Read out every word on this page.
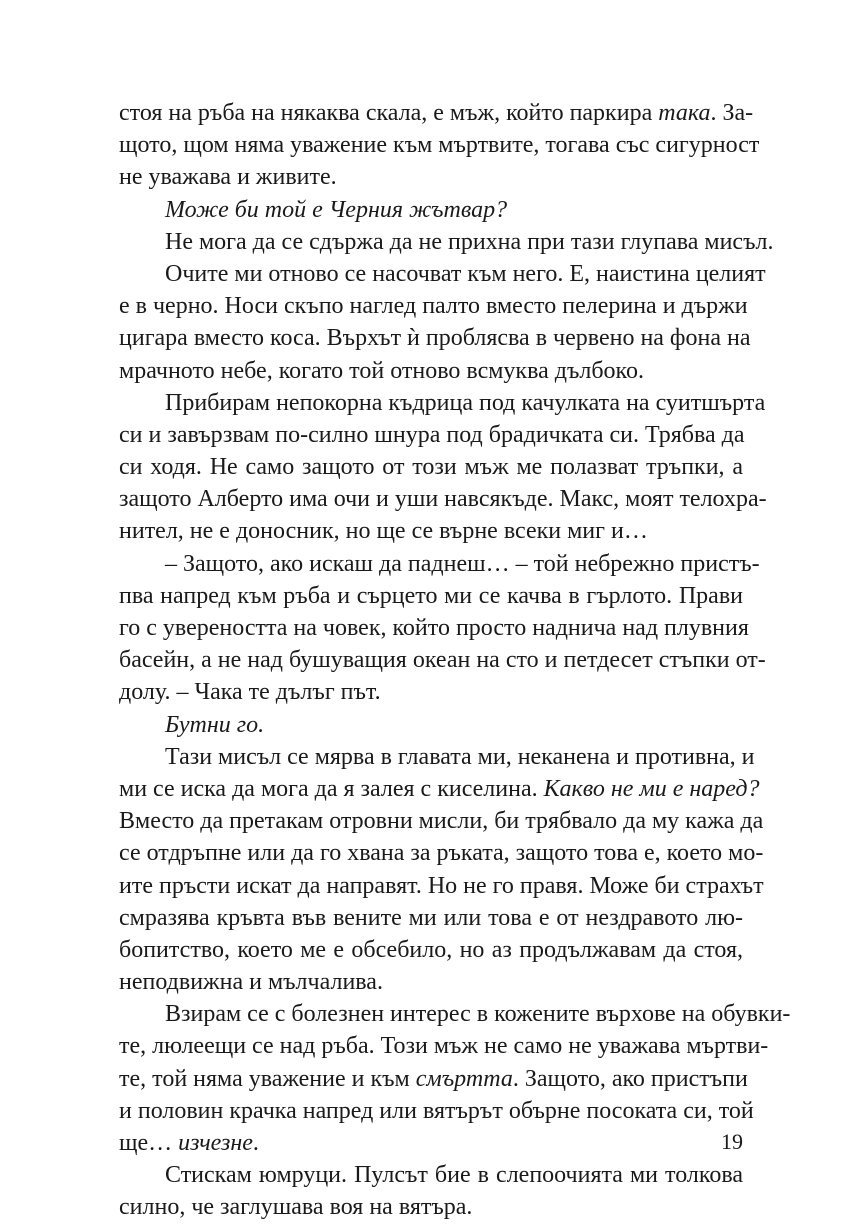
стоя на ръба на някаква скала, е мъж, който паркира така. За-
щото, щом няма уважение към мъртвите, тогава със сигурност
не уважава и живите.
Може би той е Черния жътвар?
Не мога да се сдържа да не прихна при тази глупава мисъл.
Очите ми отново се насочват към него. Е, наистина целият
е в черно. Носи скъпо наглед палто вместо пелерина и държи
цигара вместо коса. Върхът ѝ проблясва в червено на фона на
мрачното небе, когато той отново всмуква дълбоко.
Прибирам непокорна къдрица под качулката на суитшърта
си и завързвам по-силно шнура под брадичката си. Трябва да
си ходя. Не само защото от този мъж ме полазват тръпки, а
защото Алберто има очи и уши навсякъде. Макс, моят телохра-
нител, не е доносник, но ще се върне всеки миг и…
– Защото, ако искаш да паднеш… – той небрежно пристъ-
пва напред към ръба и сърцето ми се качва в гърлото. Прави
го с увереността на човек, който просто надничa над плувния
басейн, а не над бушуващия океан на сто и петдесет стъпки от-
долу. – Чака те дълъг път.
Бутни го.
Тази мисъл се мярва в главата ми, неканена и противна, и
ми се иска да мога да я залея с киселина. Какво не ми е наред?
Вместо да претакам отровни мисли, би трябвало да му кажа да
се отдръпне или да го хвана за ръката, защото това е, което мо-
ите пръсти искат да направят. Но не го правя. Може би страхът
смразява кръвта във вените ми или това е от нездравото лю-
бопитство, което ме е обсебило, но аз продължавам да стоя,
неподвижна и мълчалива.
Взирам се с болезнен интерес в кожените върхове на обувки-
те, люлеещи се над ръба. Този мъж не само не уважава мъртви-
те, той няма уважение и към смъртта. Защото, ако пристъпи
и половин крачка напред или вятърът обърне посоката си, той
ще… изчезне.
Стискам юмруци. Пулсът бие в слепоочията ми толкова
силно, че заглушава воя на вятъра.
19
